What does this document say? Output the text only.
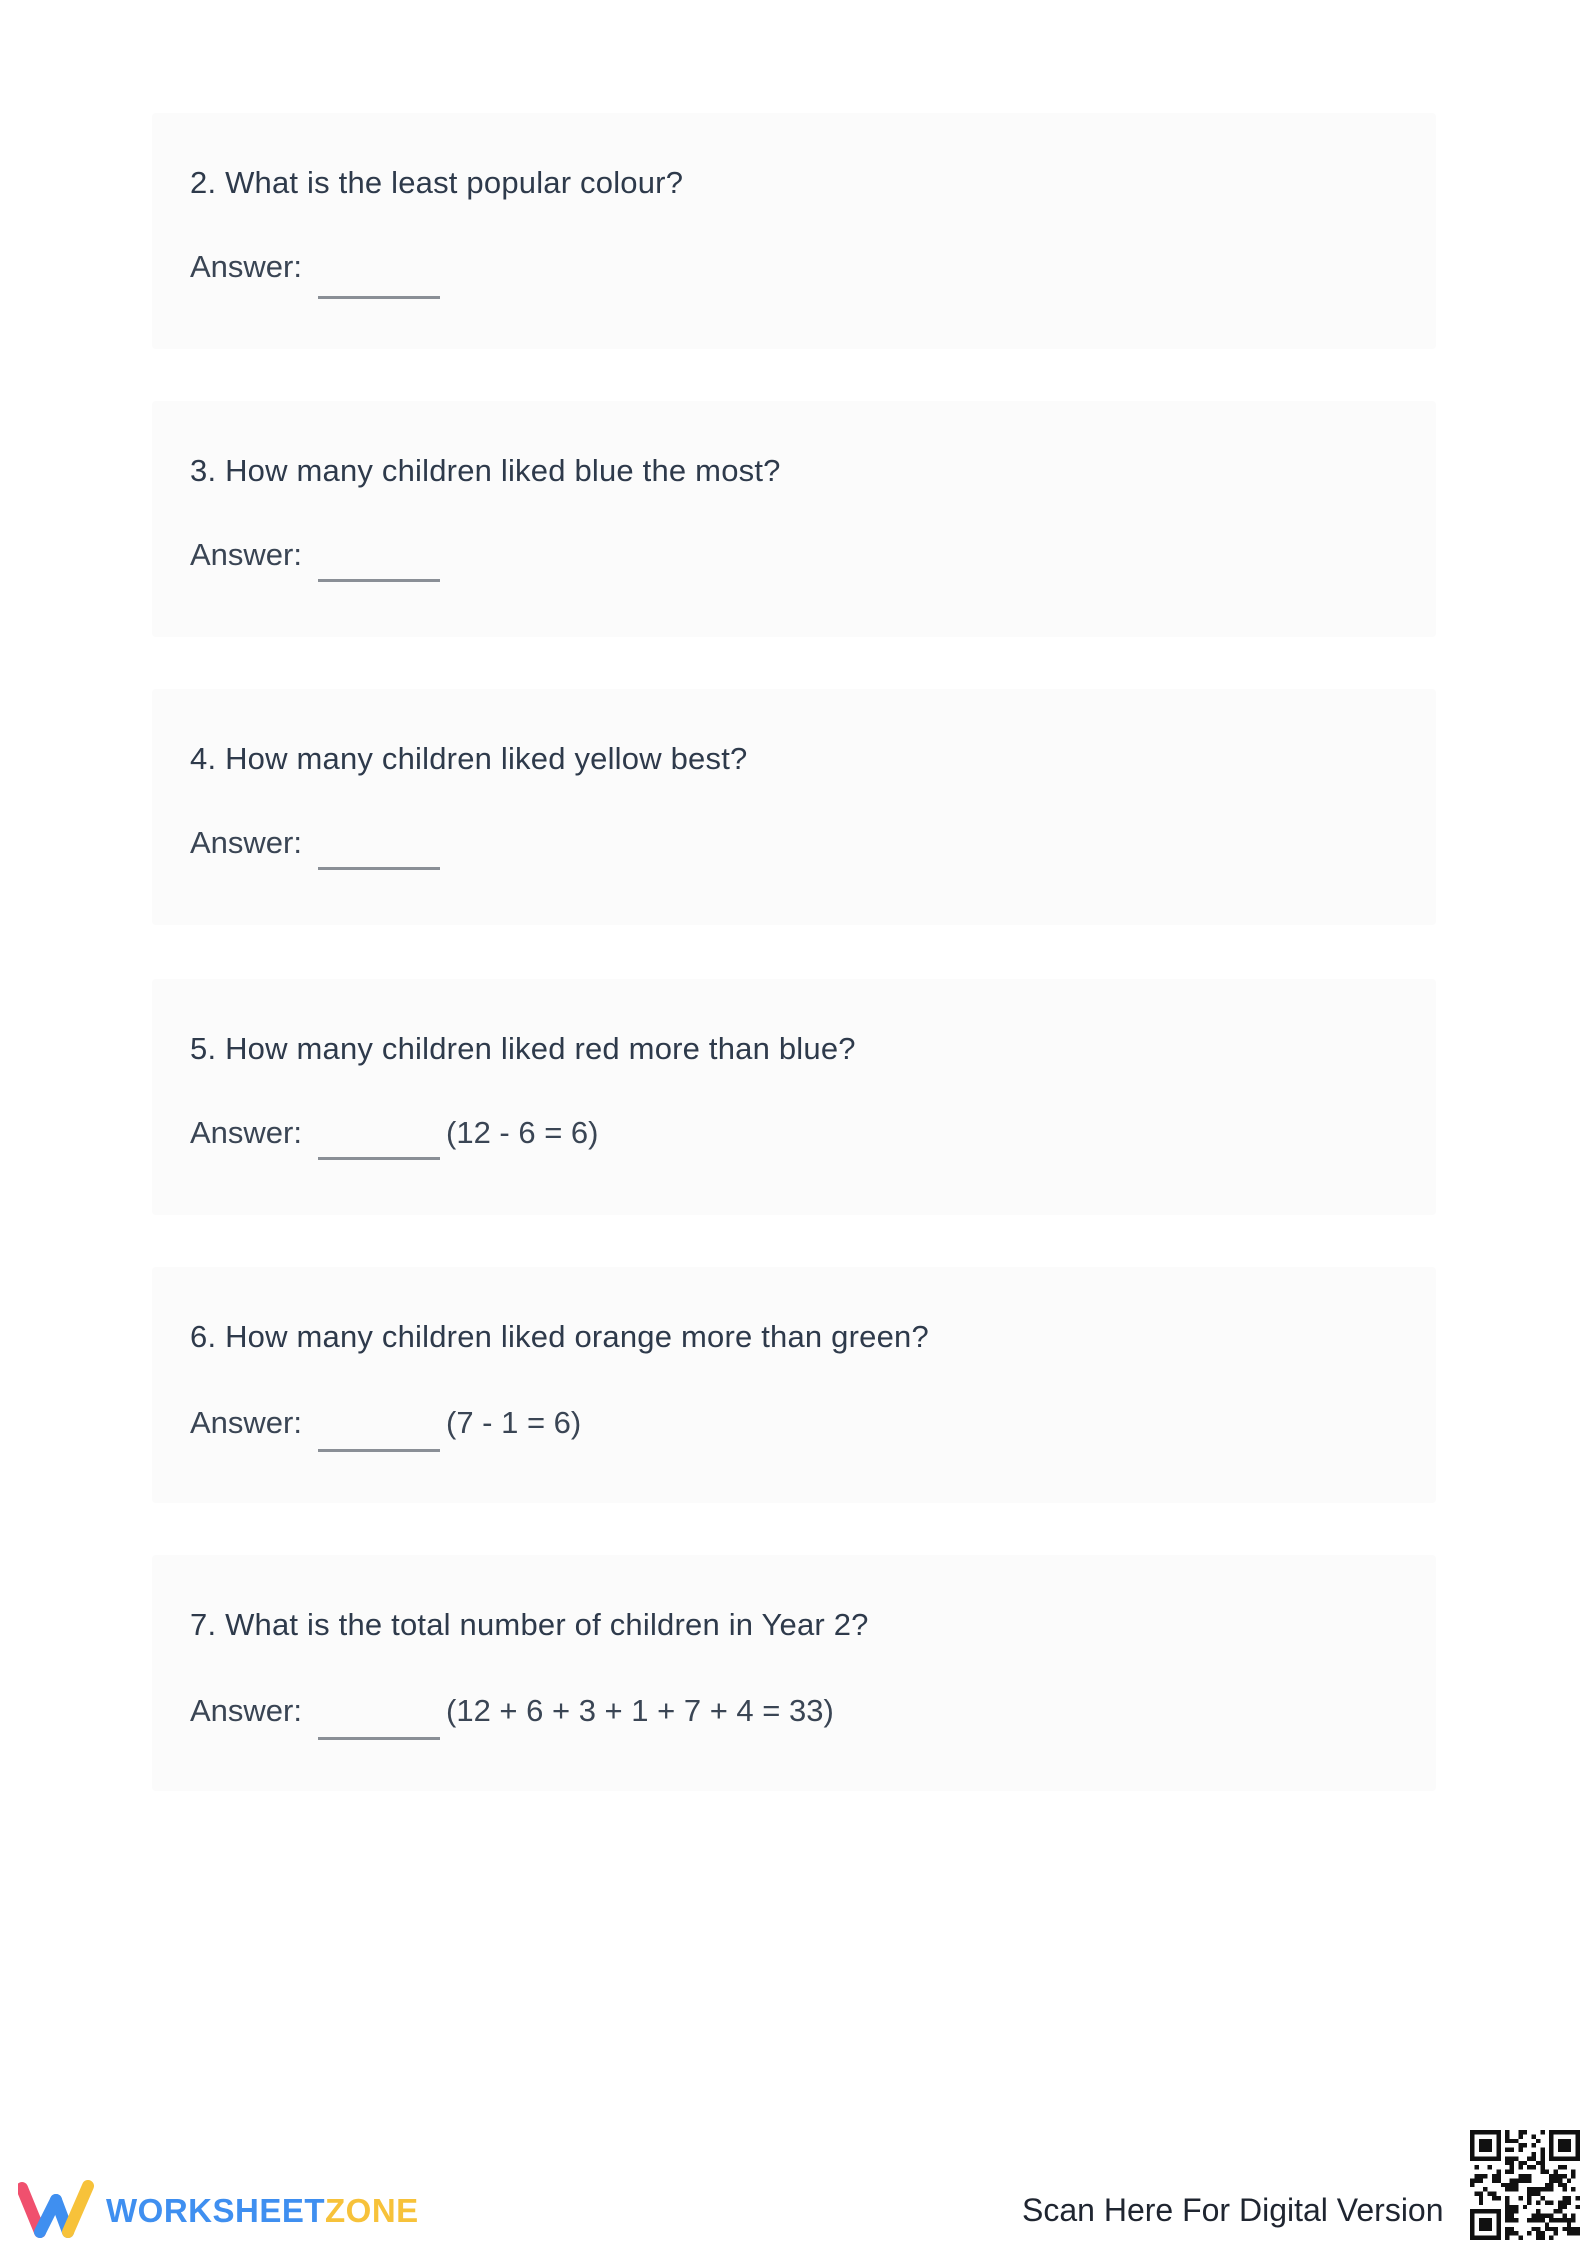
2. What is the least popular colour?
Answer:
3. How many children liked blue the most?
Answer:
4. How many children liked yellow best?
Answer:
5. How many children liked red more than blue?
Answer:	(12 - 6 = 6)
6. How many children liked orange more than green?
Answer:	(7 - 1 = 6)
7. What is the total number of children in Year 2?
Answer:	(12 + 6 + 3 + 1 + 7 + 4 = 33)
WORKSHEETZONE	Scan Here For Digital Version
